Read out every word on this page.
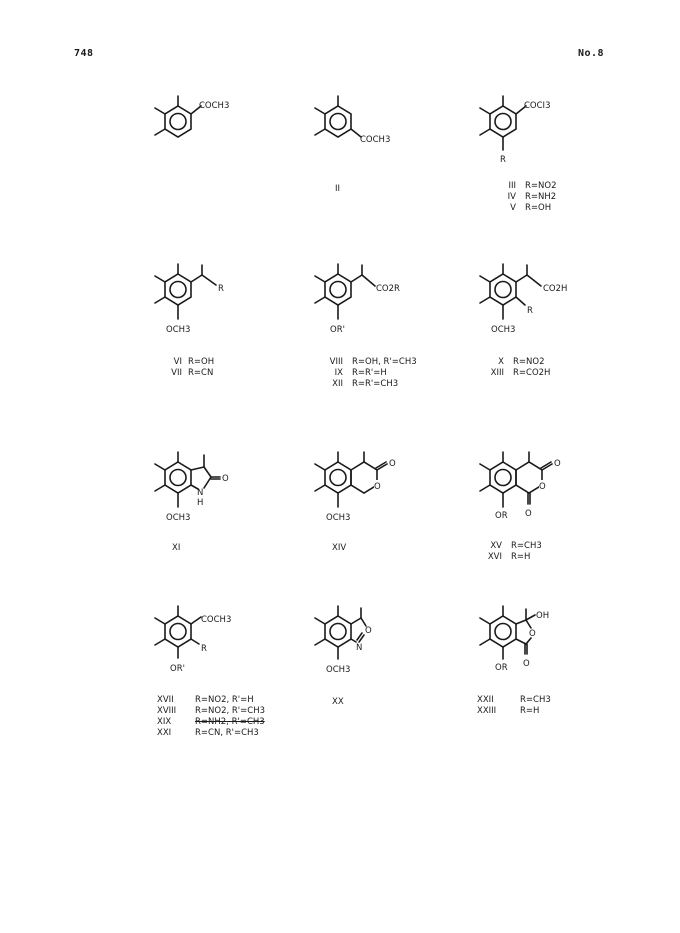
748	No.8
COCH3
COCH3
II
COCI3
R
III R=NO2
IV R=NH2
V R=OH
R
OCH3
VI R=OH
VII R=CN
CO2R
OR'
VIII R=OH, R'=CH3
IX R=R'=H
XII R=R'=CH3
CO2H
R
OCH3
X R=NO2
XIII R=CO2H
O
N
H
OCH3
XI
O
O
OCH3
XIV
O
O
O
OR
XV R=CH3
XVI R=H
COCH3
R
OR'
XVII	R=NO2, R'=H
XVIII R=NO2, R'=CH3
XIX	R=NH2, R'=CH3
XXI	R=CN, R'=CH3
O
N
OCH3
XX
OH
O
O
OR
XXII	R=CH3
XXIII	R=H
